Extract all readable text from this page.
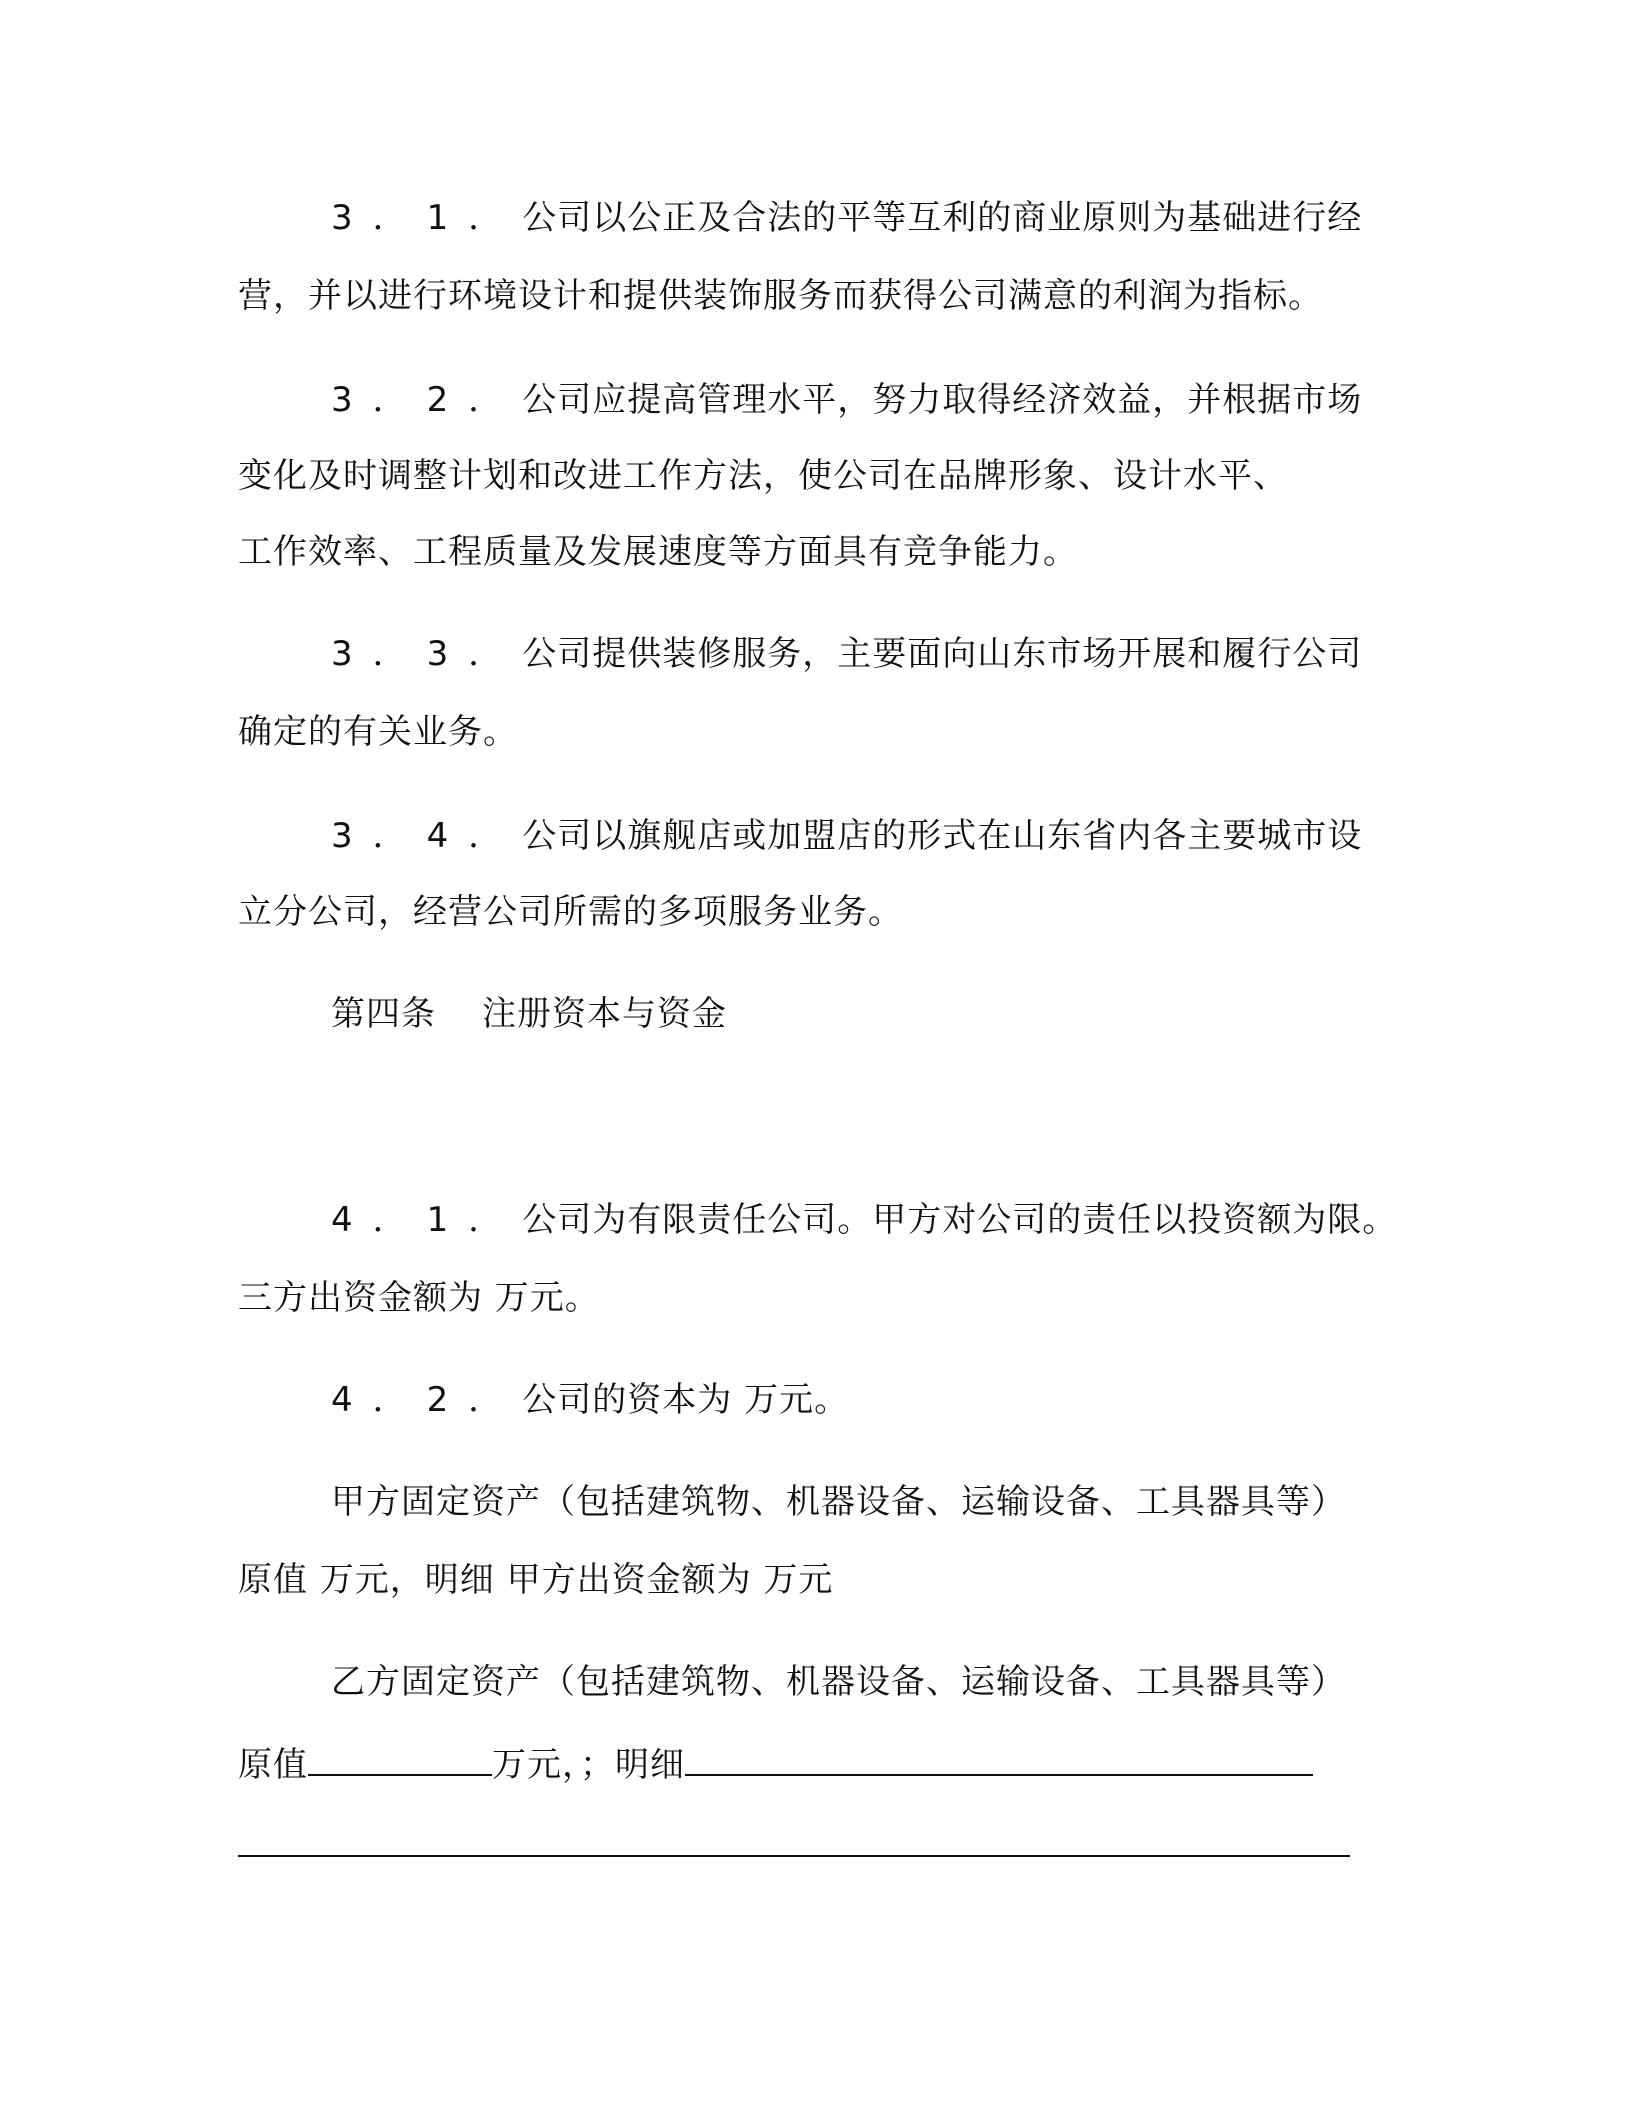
3．1．公司以公正及合法的平等互利的商业原则为基础进行经
营，并以进行环境设计和提供装饰服务而获得公司满意的利润为指标。
3．2．公司应提高管理水平，努力取得经济效益，并根据市场
变化及时调整计划和改进工作方法，使公司在品牌形象、设计水平、
工作效率、工程质量及发展速度等方面具有竞争能力。
3．3．公司提供装修服务，主要面向山东市场开展和履行公司
确定的有关业务。
3．4．公司以旗舰店或加盟店的形式在山东省内各主要城市设
立分公司，经营公司所需的多项服务业务。
第四条 注册资本与资金
4．1．公司为有限责任公司。甲方对公司的责任以投资额为限。
三方出资金额为 万元。
4．2．公司的资本为 万元。
甲方固定资产（包括建筑物、机器设备、运输设备、工具器具等）
原值 万元，明细 甲方出资金额为 万元
乙方固定资产（包括建筑物、机器设备、运输设备、工具器具等）
原值	万元，；明细
